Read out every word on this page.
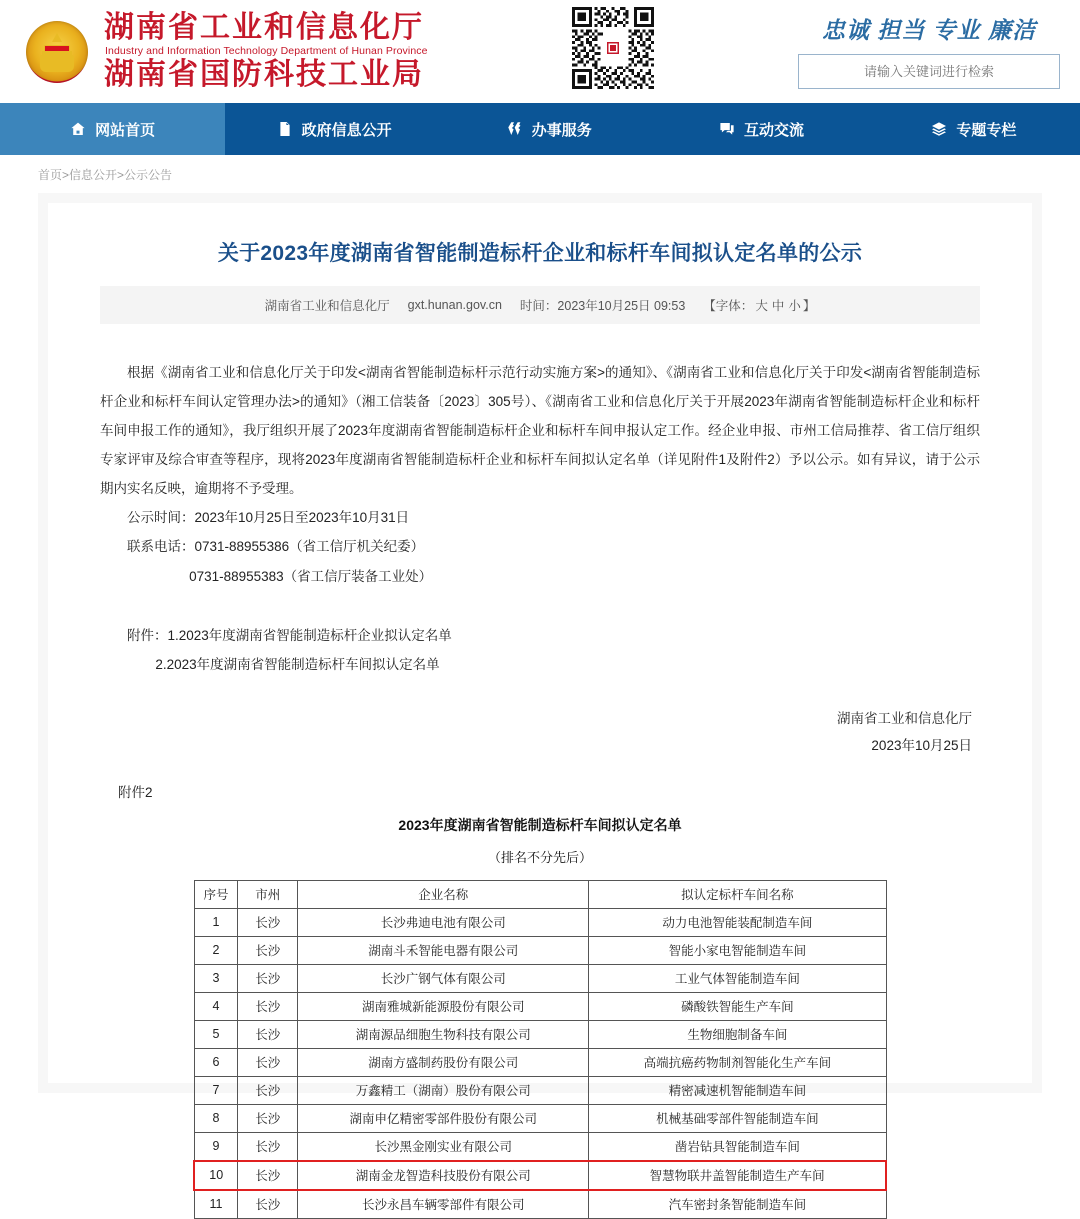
湖南省工业和信息化厅
Industry and Information Technology Department of Hunan Province
湖南省国防科技工业局
忠诚 担当 专业 廉洁
请输入关键词进行检索
网站首页	政府信息公开	办事服务	互动交流	专题专栏
首页>信息公开>公示公告
关于2023年度湖南省智能制造标杆企业和标杆车间拟认定名单的公示
湖南省工业和信息化厅 gxt.hunan.gov.cn 时间：2023年10月25日 09:53 【字体： 大 中 小 】
根据《湖南省工业和信息化厅关于印发<湖南省智能制造标杆示范行动实施方案>的通知》、《湖南省工业和信息化厅关于印发<湖南省智能制造标杆企业和标杆车间认定管理办法>的通知》（湘工信装备〔2023〕305号）、《湖南省工业和信息化厅关于开展2023年湖南省智能制造标杆企业和标杆车间申报工作的通知》，我厅组织开展了2023年度湖南省智能制造标杆企业和标杆车间申报认定工作。经企业申报、市州工信局推荐、省工信厅组织专家评审及综合审查等程序，现将2023年度湖南省智能制造标杆企业和标杆车间拟认定名单（详见附件1及附件2）予以公示。如有异议，请于公示期内实名反映，逾期将不予受理。
公示时间：2023年10月25日至2023年10月31日
联系电话：0731-88955386（省工信厅机关纪委）
0731-88955383（省工信厅装备工业处）
附件：1.2023年度湖南省智能制造标杆企业拟认定名单
2.2023年度湖南省智能制造标杆车间拟认定名单
湖南省工业和信息化厅
2023年10月25日
附件2
2023年度湖南省智能制造标杆车间拟认定名单
（排名不分先后）
序号	市州	企业名称	拟认定标杆车间名称
1	长沙	长沙弗迪电池有限公司	动力电池智能装配制造车间
2	长沙	湖南斗禾智能电器有限公司	智能小家电智能制造车间
3	长沙	长沙广钢气体有限公司	工业气体智能制造车间
4	长沙	湖南雅城新能源股份有限公司	磷酸铁智能生产车间
5	长沙	湖南源品细胞生物科技有限公司	生物细胞制备车间
6	长沙	湖南方盛制药股份有限公司	高端抗癌药物制剂智能化生产车间
7	长沙	万鑫精工（湖南）股份有限公司	精密减速机智能制造车间
8	长沙	湖南申亿精密零部件股份有限公司	机械基础零部件智能制造车间
9	长沙	长沙黑金刚实业有限公司	凿岩钻具智能制造车间
10	长沙	湖南金龙智造科技股份有限公司	智慧物联井盖智能制造生产车间
11	长沙	长沙永昌车辆零部件有限公司	汽车密封条智能制造车间
